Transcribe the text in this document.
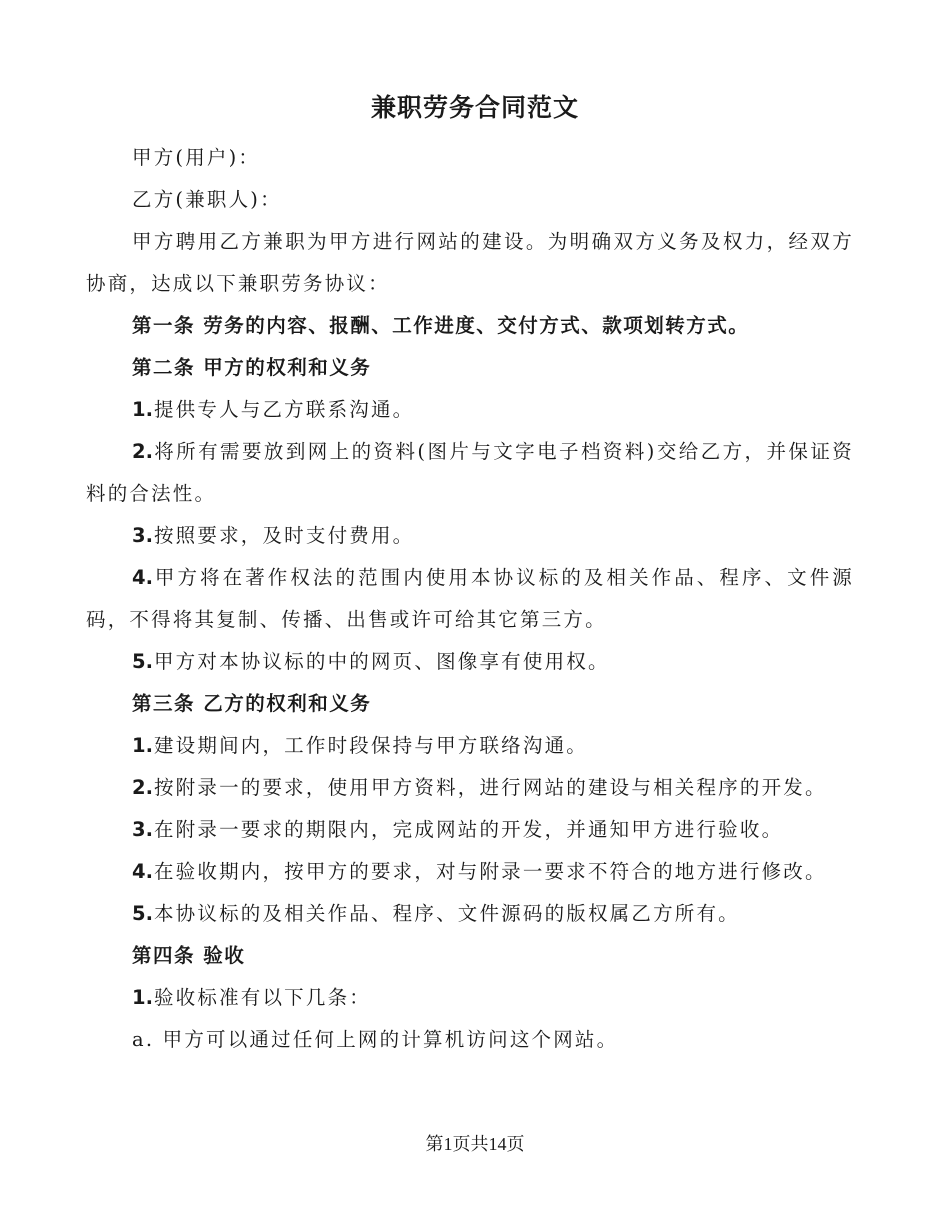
兼职劳务合同范文

甲方(用户)：

乙方(兼职人)：

甲方聘用乙方兼职为甲方进行网站的建设。为明确双方义务及权力，经双方协商，达成以下兼职劳务协议：

第一条 劳务的内容、报酬、工作进度、交付方式、款项划转方式。

第二条 甲方的权利和义务

1.提供专人与乙方联系沟通。

2.将所有需要放到网上的资料(图片与文字电子档资料)交给乙方，并保证资料的合法性。

3.按照要求，及时支付费用。

4.甲方将在著作权法的范围内使用本协议标的及相关作品、程序、文件源码，不得将其复制、传播、出售或许可给其它第三方。

5.甲方对本协议标的中的网页、图像享有使用权。

第三条 乙方的权利和义务

1.建设期间内，工作时段保持与甲方联络沟通。

2.按附录一的要求，使用甲方资料，进行网站的建设与相关程序的开发。

3.在附录一要求的期限内，完成网站的开发，并通知甲方进行验收。

4.在验收期内，按甲方的要求，对与附录一要求不符合的地方进行修改。

5.本协议标的及相关作品、程序、文件源码的版权属乙方所有。

第四条 验收

1.验收标准有以下几条：

a. 甲方可以通过任何上网的计算机访问这个网站。

第1页共14页
